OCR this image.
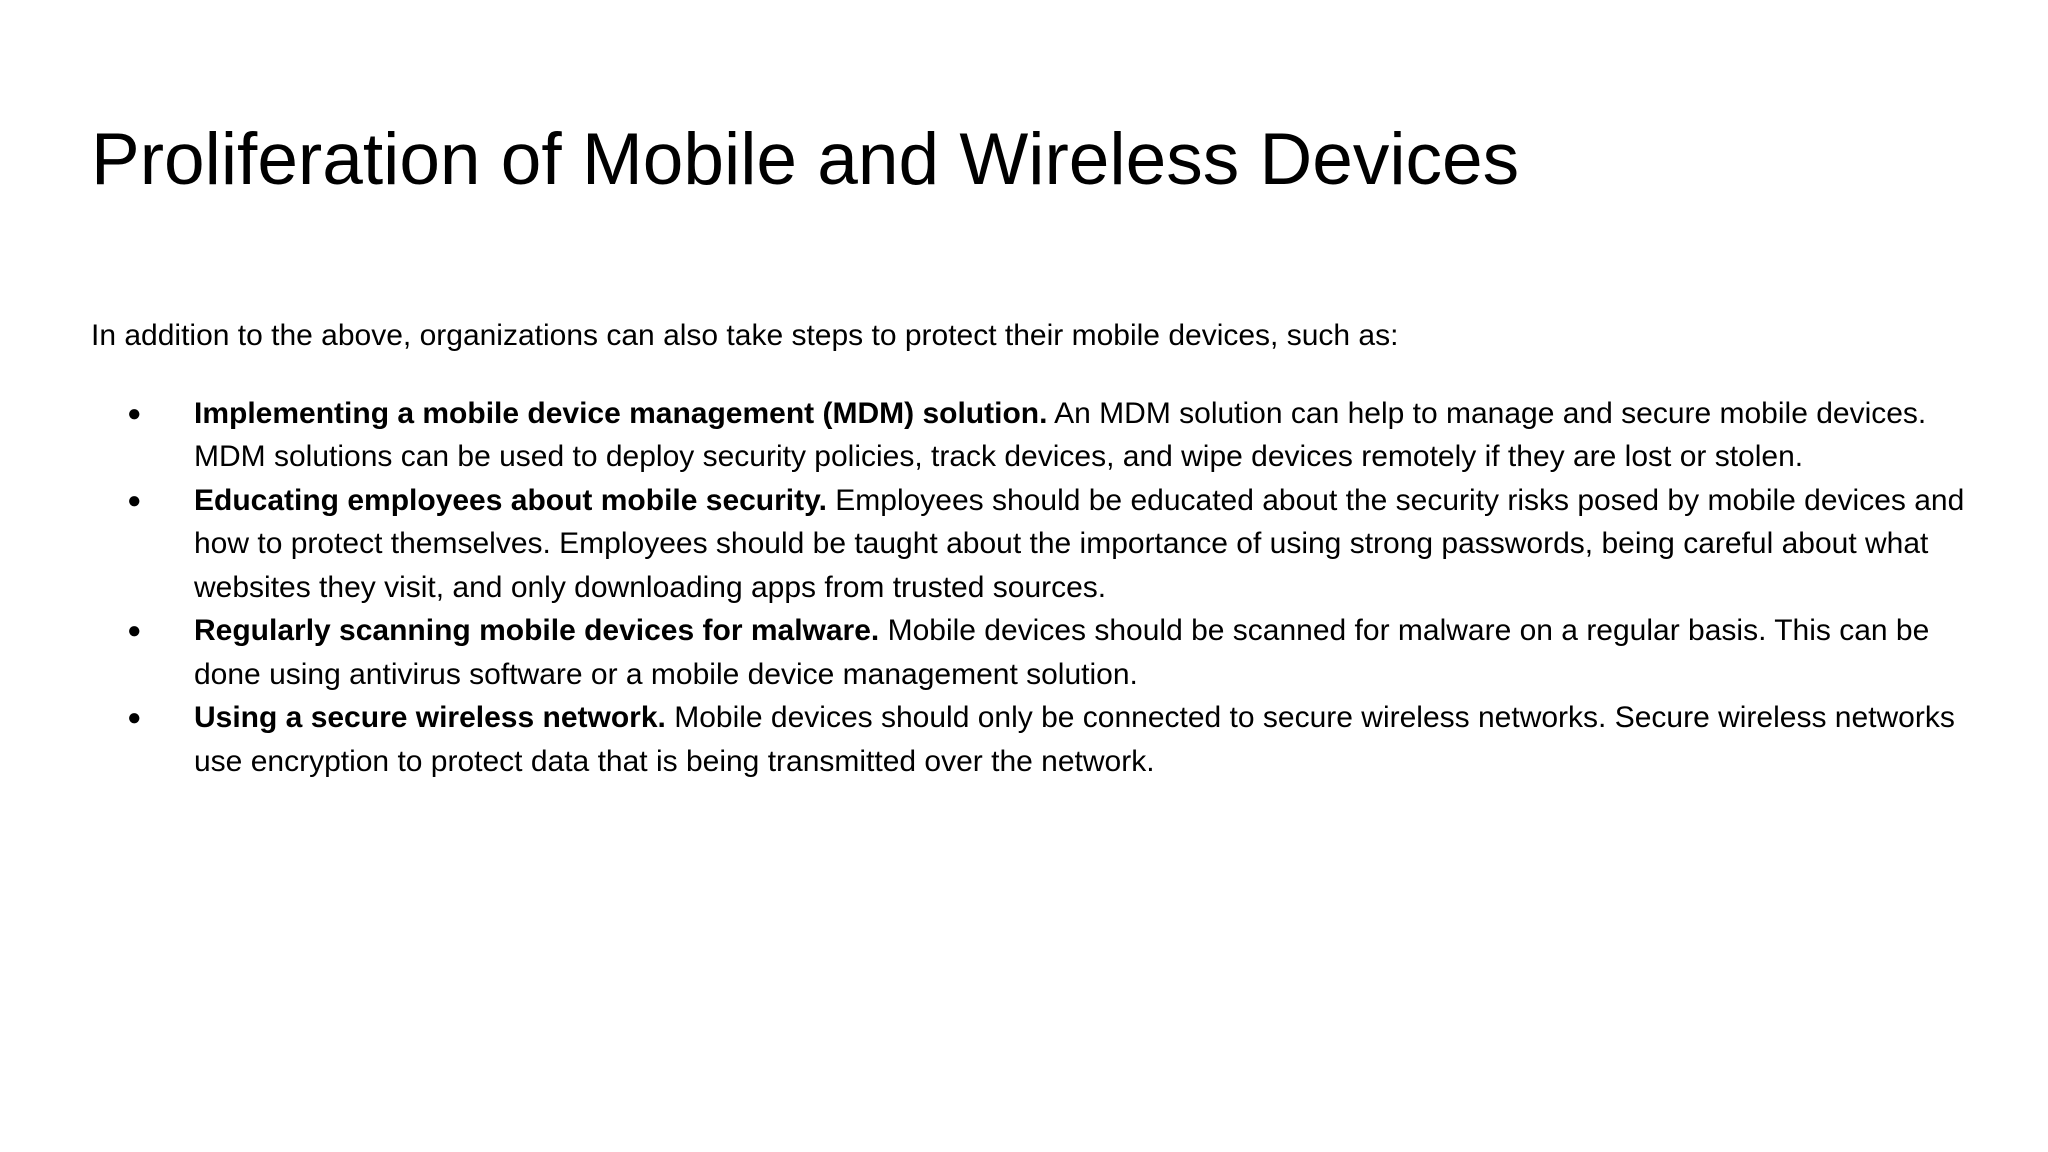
Proliferation of Mobile and Wireless Devices

In addition to the above, organizations can also take steps to protect their mobile devices, such as:

● Implementing a mobile device management (MDM) solution. An MDM solution can help to manage and secure mobile devices. MDM solutions can be used to deploy security policies, track devices, and wipe devices remotely if they are lost or stolen.
● Educating employees about mobile security. Employees should be educated about the security risks posed by mobile devices and how to protect themselves. Employees should be taught about the importance of using strong passwords, being careful about what websites they visit, and only downloading apps from trusted sources.
● Regularly scanning mobile devices for malware. Mobile devices should be scanned for malware on a regular basis. This can be done using antivirus software or a mobile device management solution.
● Using a secure wireless network. Mobile devices should only be connected to secure wireless networks. Secure wireless networks use encryption to protect data that is being transmitted over the network.
